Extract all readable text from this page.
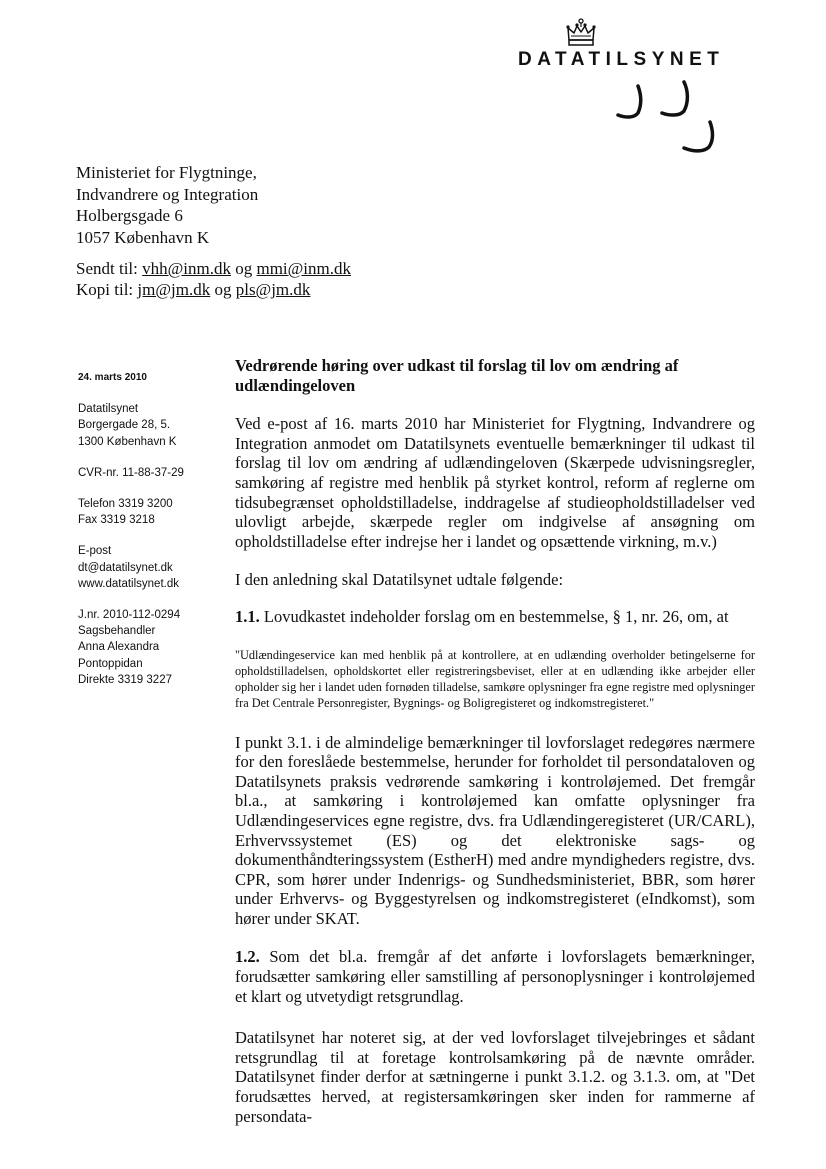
DATATILSYNET
Ministeriet for Flygtninge,
Indvandrere og Integration
Holbergsgade 6
1057 København K
Sendt til: vhh@inm.dk og mmi@inm.dk
Kopi til: jm@jm.dk og pls@jm.dk
24. marts 2010
Datatilsynet
Borgergade 28, 5.
1300 København K
CVR-nr. 11-88-37-29
Telefon 3319 3200
Fax 3319 3218
E-post
dt@datatilsynet.dk
www.datatilsynet.dk
J.nr. 2010-112-0294
Sagsbehandler
Anna Alexandra
Pontoppidan
Direkte 3319 3227

Vedrørende høring over udkast til forslag til lov om ændring af udlændingeloven

Ved e-post af 16. marts 2010 har Ministeriet for Flygtning, Indvandrere og Integration anmodet om Datatilsynets eventuelle bemærkninger til udkast til forslag til lov om ændring af udlændingeloven (Skærpede udvisningsregler, samkøring af registre med henblik på styrket kontrol, reform af reglerne om tidsubegrænset opholdstilladelse, inddragelse af studieopholdstilladelser ved ulovligt arbejde, skærpede regler om indgivelse af ansøgning om opholdstilladelse efter indrejse her i landet og opsættende virkning, m.v.)

I den anledning skal Datatilsynet udtale følgende:

1.1. Lovudkastet indeholder forslag om en bestemmelse, § 1, nr. 26, om, at

"Udlændingeservice kan med henblik på at kontrollere, at en udlænding overholder betingelserne for opholdstilladelsen, opholdskortet eller registreringsbeviset, eller at en udlænding ikke arbejder eller opholder sig her i landet uden fornøden tilladelse, samkøre oplysninger fra egne registre med oplysninger fra Det Centrale Personregister, Bygnings- og Boligregisteret og indkomstregisteret."

I punkt 3.1. i de almindelige bemærkninger til lovforslaget redegøres nærmere for den foreslåede bestemmelse, herunder for forholdet til persondataloven og Datatilsynets praksis vedrørende samkøring i kontroløjemed. Det fremgår bl.a., at samkøring i kontroløjemed kan omfatte oplysninger fra Udlændingeservices egne registre, dvs. fra Udlændingeregisteret (UR/CARL), Erhvervssystemet (ES) og det elektroniske sags- og dokumenthåndteringssystem (EstherH) med andre myndigheders registre, dvs. CPR, som hører under Indenrigs- og Sundhedsministeriet, BBR, som hører under Erhvervs- og Byggestyrelsen og indkomstregisteret (eIndkomst), som hører under SKAT.

1.2. Som det bl.a. fremgår af det anførte i lovforslagets bemærkninger, forudsætter samkøring eller samstilling af personoplysninger i kontroløjemed et klart og utvetydigt retsgrundlag.

Datatilsynet har noteret sig, at der ved lovforslaget tilvejebringes et sådant retsgrundlag til at foretage kontrolsamkøring på de nævnte områder. Datatilsynet finder derfor at sætningerne i punkt 3.1.2. og 3.1.3. om, at "Det forudsættes herved, at registersamkøringen sker inden for rammerne af persondata-
